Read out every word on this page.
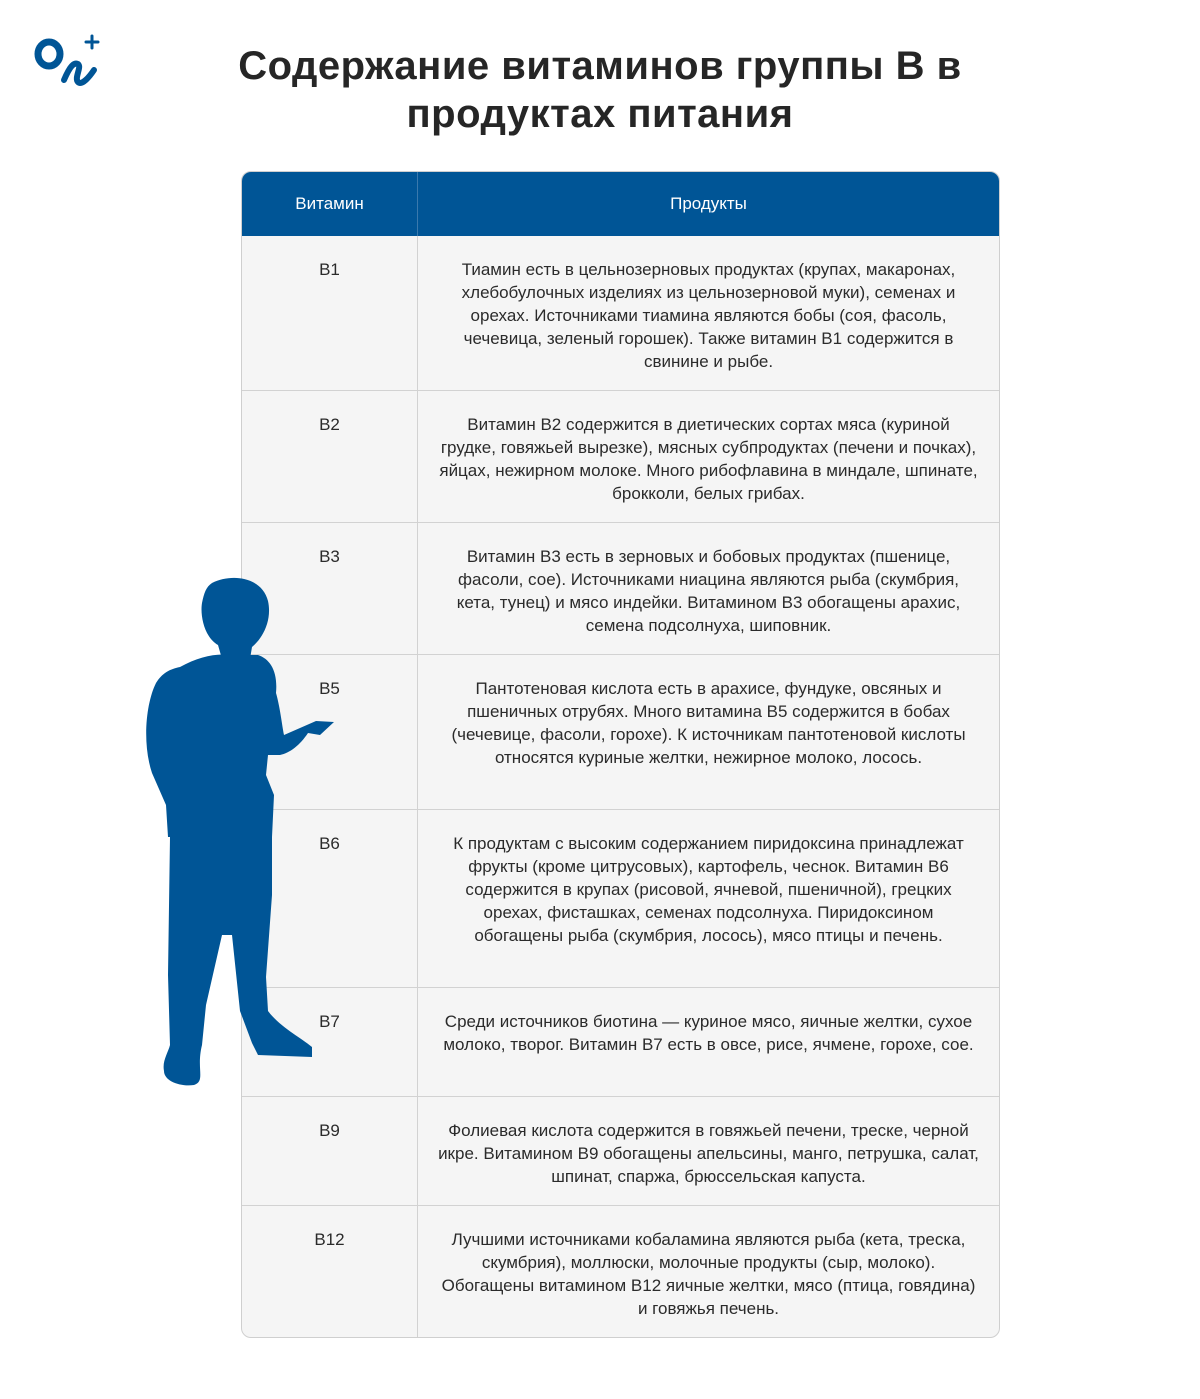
Содержание витаминов группы B в
продуктах питания
Витамин	Продукты
B1	Тиамин есть в цельнозерновых продуктах (крупах, макаронах, хлебобулочных изделиях из цельнозерновой муки), семенах и орехах. Источниками тиамина являются бобы (соя, фасоль, чечевица, зеленый горошек). Также витамин B1 содержится в свинине и рыбе.
B2	Витамин B2 содержится в диетических сортах мяса (куриной грудке, говяжьей вырезке), мясных субпродуктах (печени и почках), яйцах, нежирном молоке. Много рибофлавина в миндале, шпинате, брокколи, белых грибах.
B3	Витамин B3 есть в зерновых и бобовых продуктах (пшенице, фасоли, сое). Источниками ниацина являются рыба (скумбрия, кета, тунец) и мясо индейки. Витамином B3 обогащены арахис, семена подсолнуха, шиповник.
B5	Пантотеновая кислота есть в арахисе, фундуке, овсяных и пшеничных отрубях. Много витамина B5 содержится в бобах (чечевице, фасоли, горохе). К источникам пантотеновой кислоты относятся куриные желтки, нежирное молоко, лосось.
B6	К продуктам с высоким содержанием пиридоксина принадлежат фрукты (кроме цитрусовых), картофель, чеснок. Витамин B6 содержится в крупах (рисовой, ячневой, пшеничной), грецких орехах, фисташках, семенах подсолнуха. Пиридоксином обогащены рыба (скумбрия, лосось), мясо птицы и печень.
B7	Среди источников биотина — куриное мясо, яичные желтки, сухое молоко, творог. Витамин B7 есть в овсе, рисе, ячмене, горохе, сое.
B9	Фолиевая кислота содержится в говяжьей печени, треске, черной икре. Витамином B9 обогащены апельсины, манго, петрушка, салат, шпинат, спаржа, брюссельская капуста.
B12	Лучшими источниками кобаламина являются рыба (кета, треска, скумбрия), моллюски, молочные продукты (сыр, молоко). Обогащены витамином B12 яичные желтки, мясо (птица, говядина) и говяжья печень.
